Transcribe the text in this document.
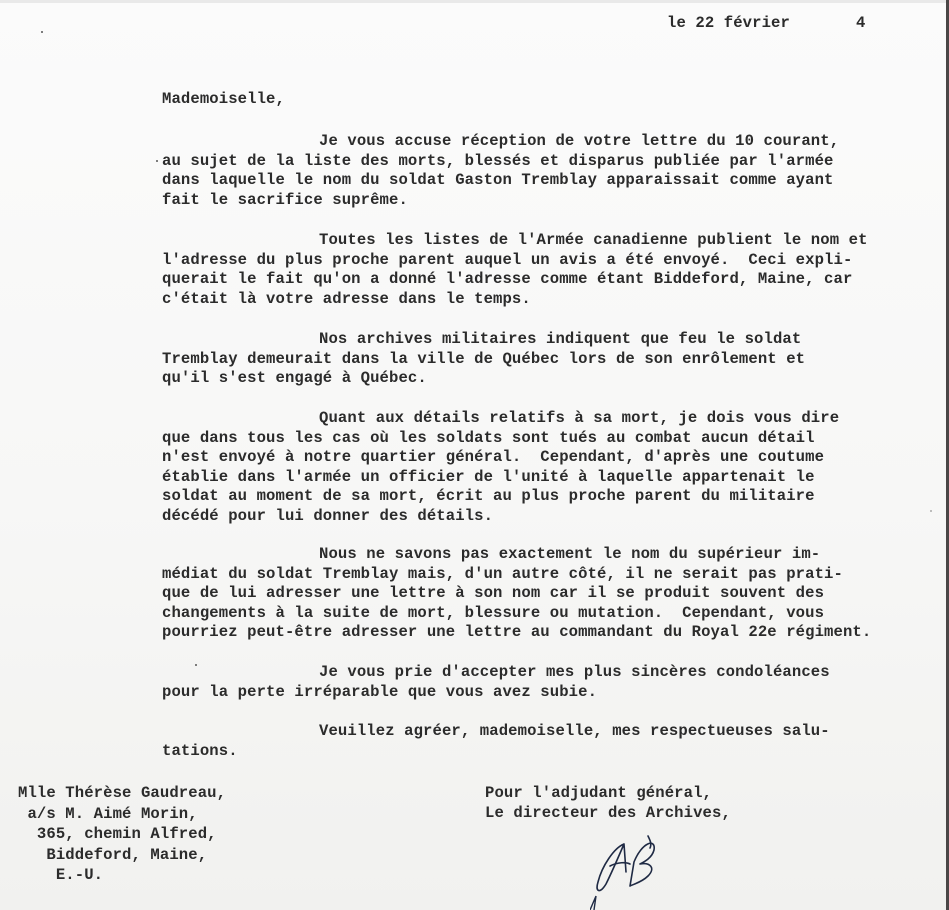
le 22 février	4
Mademoiselle,
Je vous accuse réception de votre lettre du 10 courant,
au sujet de la liste des morts, blessés et disparus publiée par l'armée
dans laquelle le nom du soldat Gaston Tremblay apparaissait comme ayant
fait le sacrifice suprême.
Toutes les listes de l'Armée canadienne publient le nom et
l'adresse du plus proche parent auquel un avis a été envoyé.  Ceci expli-
querait le fait qu'on a donné l'adresse comme étant Biddeford, Maine, car
c'était là votre adresse dans le temps.
Nos archives militaires indiquent que feu le soldat
Tremblay demeurait dans la ville de Québec lors de son enrôlement et
qu'il s'est engagé à Québec.
Quant aux détails relatifs à sa mort, je dois vous dire
que dans tous les cas où les soldats sont tués au combat aucun détail
n'est envoyé à notre quartier général.  Cependant, d'après une coutume
établie dans l'armée un officier de l'unité à laquelle appartenait le
soldat au moment de sa mort, écrit au plus proche parent du militaire
décédé pour lui donner des détails.
Nous ne savons pas exactement le nom du supérieur im-
médiat du soldat Tremblay mais, d'un autre côté, il ne serait pas prati-
que de lui adresser une lettre à son nom car il se produit souvent des
changements à la suite de mort, blessure ou mutation.  Cependant, vous
pourriez peut-être adresser une lettre au commandant du Royal 22e régiment.
Je vous prie d'accepter mes plus sincères condoléances
pour la perte irréparable que vous avez subie.
Veuillez agréer, mademoiselle, mes respectueuses salu-
tations.
Mlle Thérèse Gaudreau,
a/s M. Aimé Morin,
365, chemin Alfred,
Biddeford, Maine,
E.-U.
Pour l'adjudant général,
Le directeur des Archives,
